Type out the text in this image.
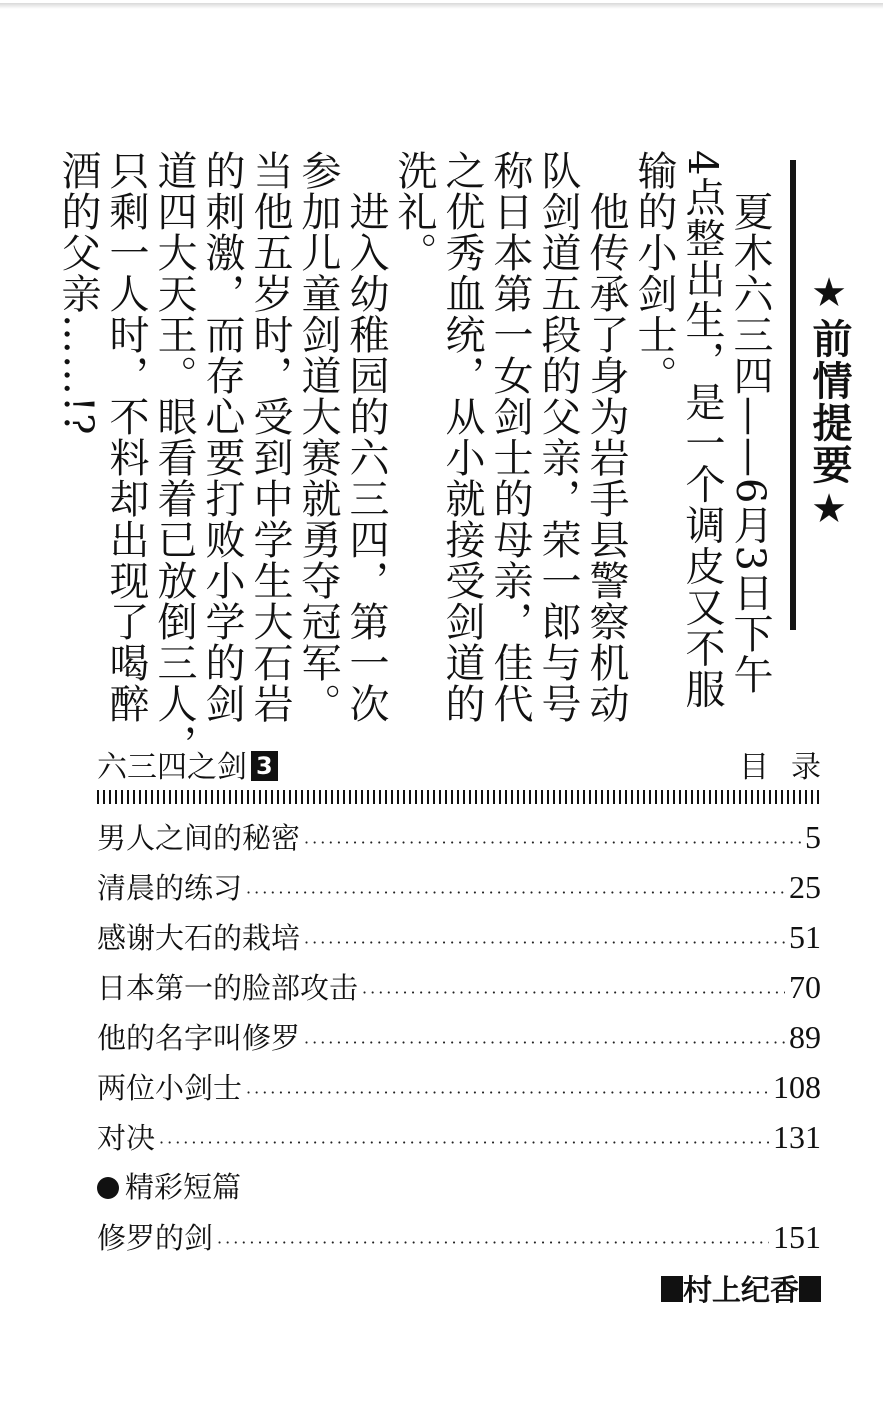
★前情提要★
　夏木六三四——6月3日下午
4点整出生，是一个调皮又不服
输的小剑士。
　他传承了身为岩手县警察机动
队剑道五段的父亲，荣一郎与号
称日本第一女剑士的母亲，佳代
之优秀血统，从小就接受剑道的
洗礼。
　进入幼稚园的六三四，第一次
参加儿童剑道大赛就勇夺冠军。
当他五岁时，受到中学生大石岩
的刺激，而存心要打败小学的剑
道四大天王。眼看着已放倒三人，
只剩一人时，不料却出现了喝醉
酒的父亲……!?
六三四之剑 3	目录
男人之间的秘密 ·····	5
清晨的练习 ·····	25
感谢大石的栽培 ·····	51
日本第一的脸部攻击 ·····	70
他的名字叫修罗 ·····	89
两位小剑士 ·····	108
对决 ·····	131
精彩短篇
修罗的剑 ·····	151
村上纪香
